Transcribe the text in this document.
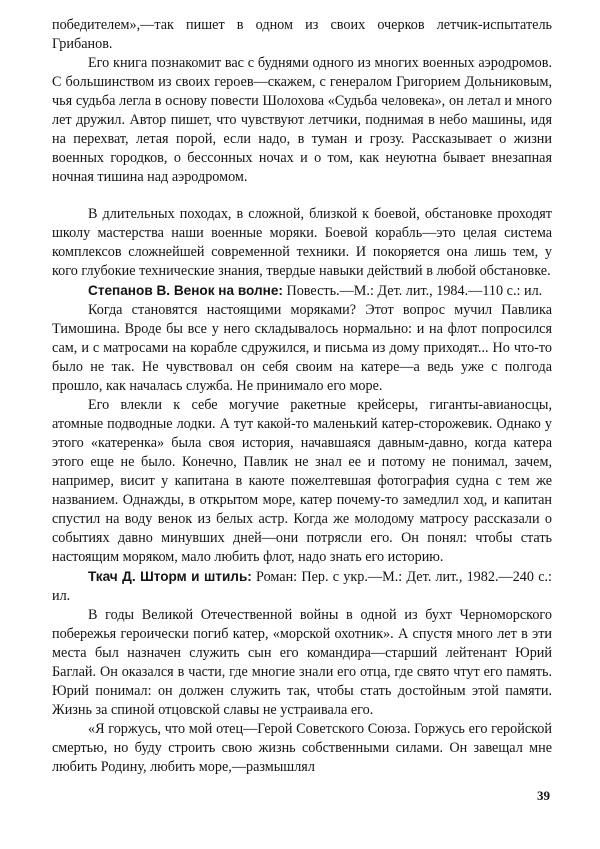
победителем»,—так пишет в одном из своих очерков летчик-испытатель Грибанов.

Его книга познакомит вас с буднями одного из многих военных аэродромов. С большинством из своих героев—скажем, с генералом Григорием Дольниковым, чья судьба легла в основу повести Шолохова «Судьба человека», он летал и много лет дружил. Автор пишет, что чувствуют летчики, поднимая в небо машины, идя на перехват, летая порой, если надо, в туман и грозу. Рассказывает о жизни военных городков, о бессонных ночах и о том, как неуютна бывает внезапная ночная тишина над аэродромом.

В длительных походах, в сложной, близкой к боевой, обстановке проходят школу мастерства наши военные моряки. Боевой корабль—это целая система комплексов сложнейшей современной техники. И покоряется она лишь тем, у кого глубокие технические знания, твердые навыки действий в любой обстановке.

Степанов В. Венок на волне: Повесть.—М.: Дет. лит., 1984.—110 с.: ил.

Когда становятся настоящими моряками? Этот вопрос мучил Павлика Тимошина. Вроде бы все у него складывалось нормально: и на флот попросился сам, и с матросами на корабле сдружился, и письма из дому приходят... Но что-то было не так. Не чувствовал он себя своим на катере—а ведь уже с полгода прошло, как началась служба. Не принимало его море.

Его влекли к себе могучие ракетные крейсеры, гиганты-авианосцы, атомные подводные лодки. А тут какой-то маленький катер-сторожевик. Однако у этого «катеренка» была своя история, начавшаяся давным-давно, когда катера этого еще не было. Конечно, Павлик не знал ее и потому не понимал, зачем, например, висит у капитана в каюте пожелтевшая фотография судна с тем же названием. Однажды, в открытом море, катер почему-то замедлил ход, и капитан спустил на воду венок из белых астр. Когда же молодому матросу рассказали о событиях давно минувших дней—они потрясли его. Он понял: чтобы стать настоящим моряком, мало любить флот, надо знать его историю.

Ткач Д. Шторм и штиль: Роман: Пер. с укр.—М.: Дет. лит., 1982.—240 с.: ил.

В годы Великой Отечественной войны в одной из бухт Черноморского побережья героически погиб катер, «морской охотник». А спустя много лет в эти места был назначен служить сын его командира—старший лейтенант Юрий Баглай. Он оказался в части, где многие знали его отца, где свято чтут его память. Юрий понимал: он должен служить так, чтобы стать достойным этой памяти. Жизнь за спиной отцовской славы не устраивала его.

«Я горжусь, что мой отец—Герой Советского Союза. Горжусь его геройской смертью, но буду строить свою жизнь собственными силами. Он завещал мне любить Родину, любить море,—размышлял

39
